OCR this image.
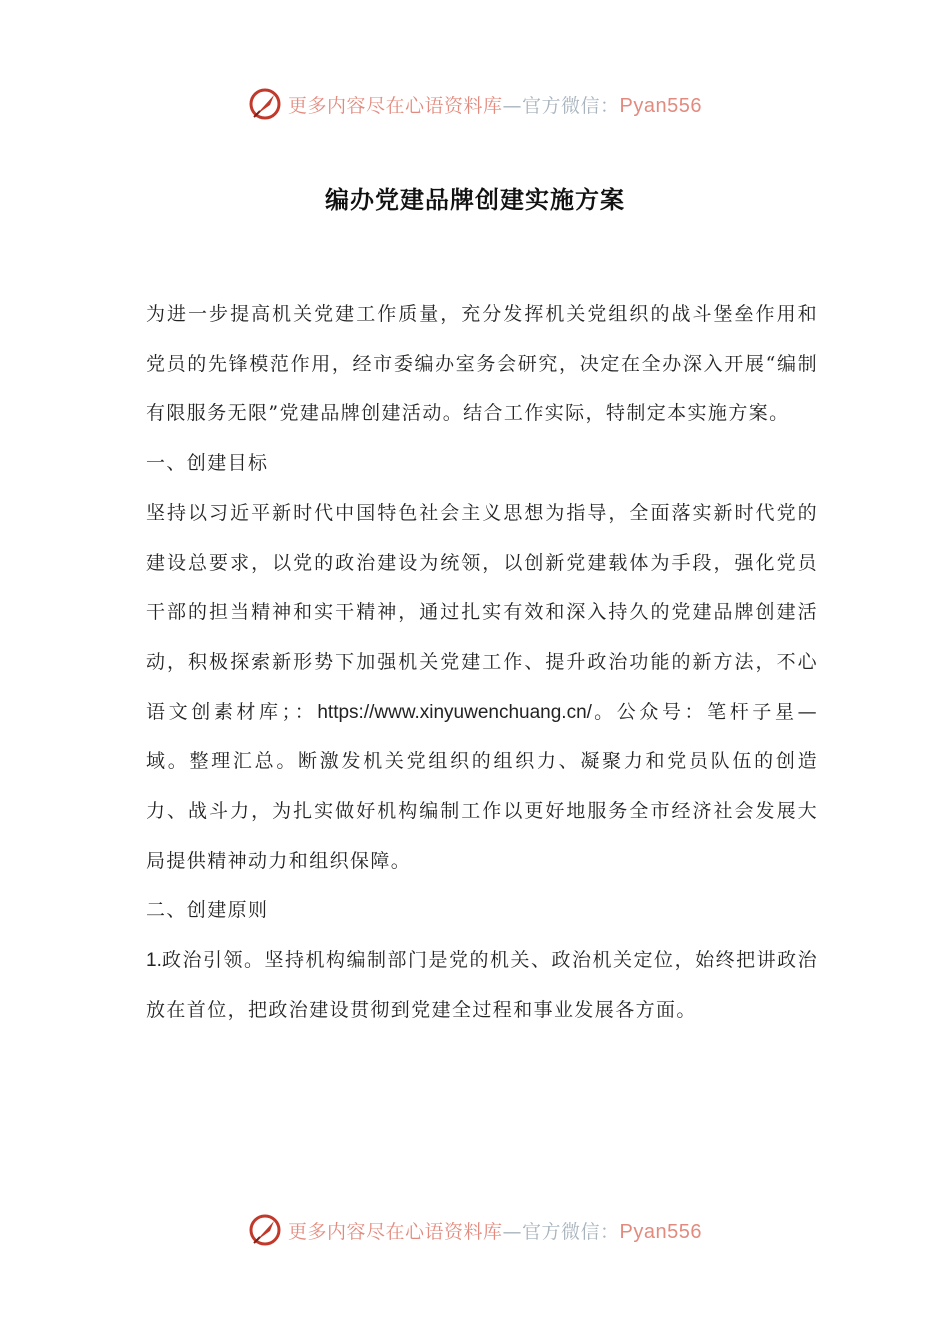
更多内容尽在心语资料库—官方微信：Pyan556
编办党建品牌创建实施方案

为进一步提高机关党建工作质量，充分发挥机关党组织的战斗堡垒作用和党员的先锋模范作用，经市委编办室务会研究，决定在全办深入开展“编制有限服务无限”党建品牌创建活动。结合工作实际，特制定本实施方案。

一、创建目标

坚持以习近平新时代中国特色社会主义思想为指导，全面落实新时代党的建设总要求，以党的政治建设为统领，以创新党建载体为手段，强化党员干部的担当精神和实干精神，通过扎实有效和深入持久的党建品牌创建活动，积极探索新形势下加强机关党建工作、提升政治功能的新方法，不心语文创素材库；：https://www.xinyuwenchuang.cn/。公众号：笔杆子星—域。整理汇总。断激发机关党组织的组织力、凝聚力和党员队伍的创造力、战斗力，为扎实做好机构编制工作以更好地服务全市经济社会发展大局提供精神动力和组织保障。

二、创建原则

1.政治引领。坚持机构编制部门是党的机关、政治机关定位，始终把讲政治放在首位，把政治建设贯彻到党建全过程和事业发展各方面。

更多内容尽在心语资料库—官方微信：Pyan556
